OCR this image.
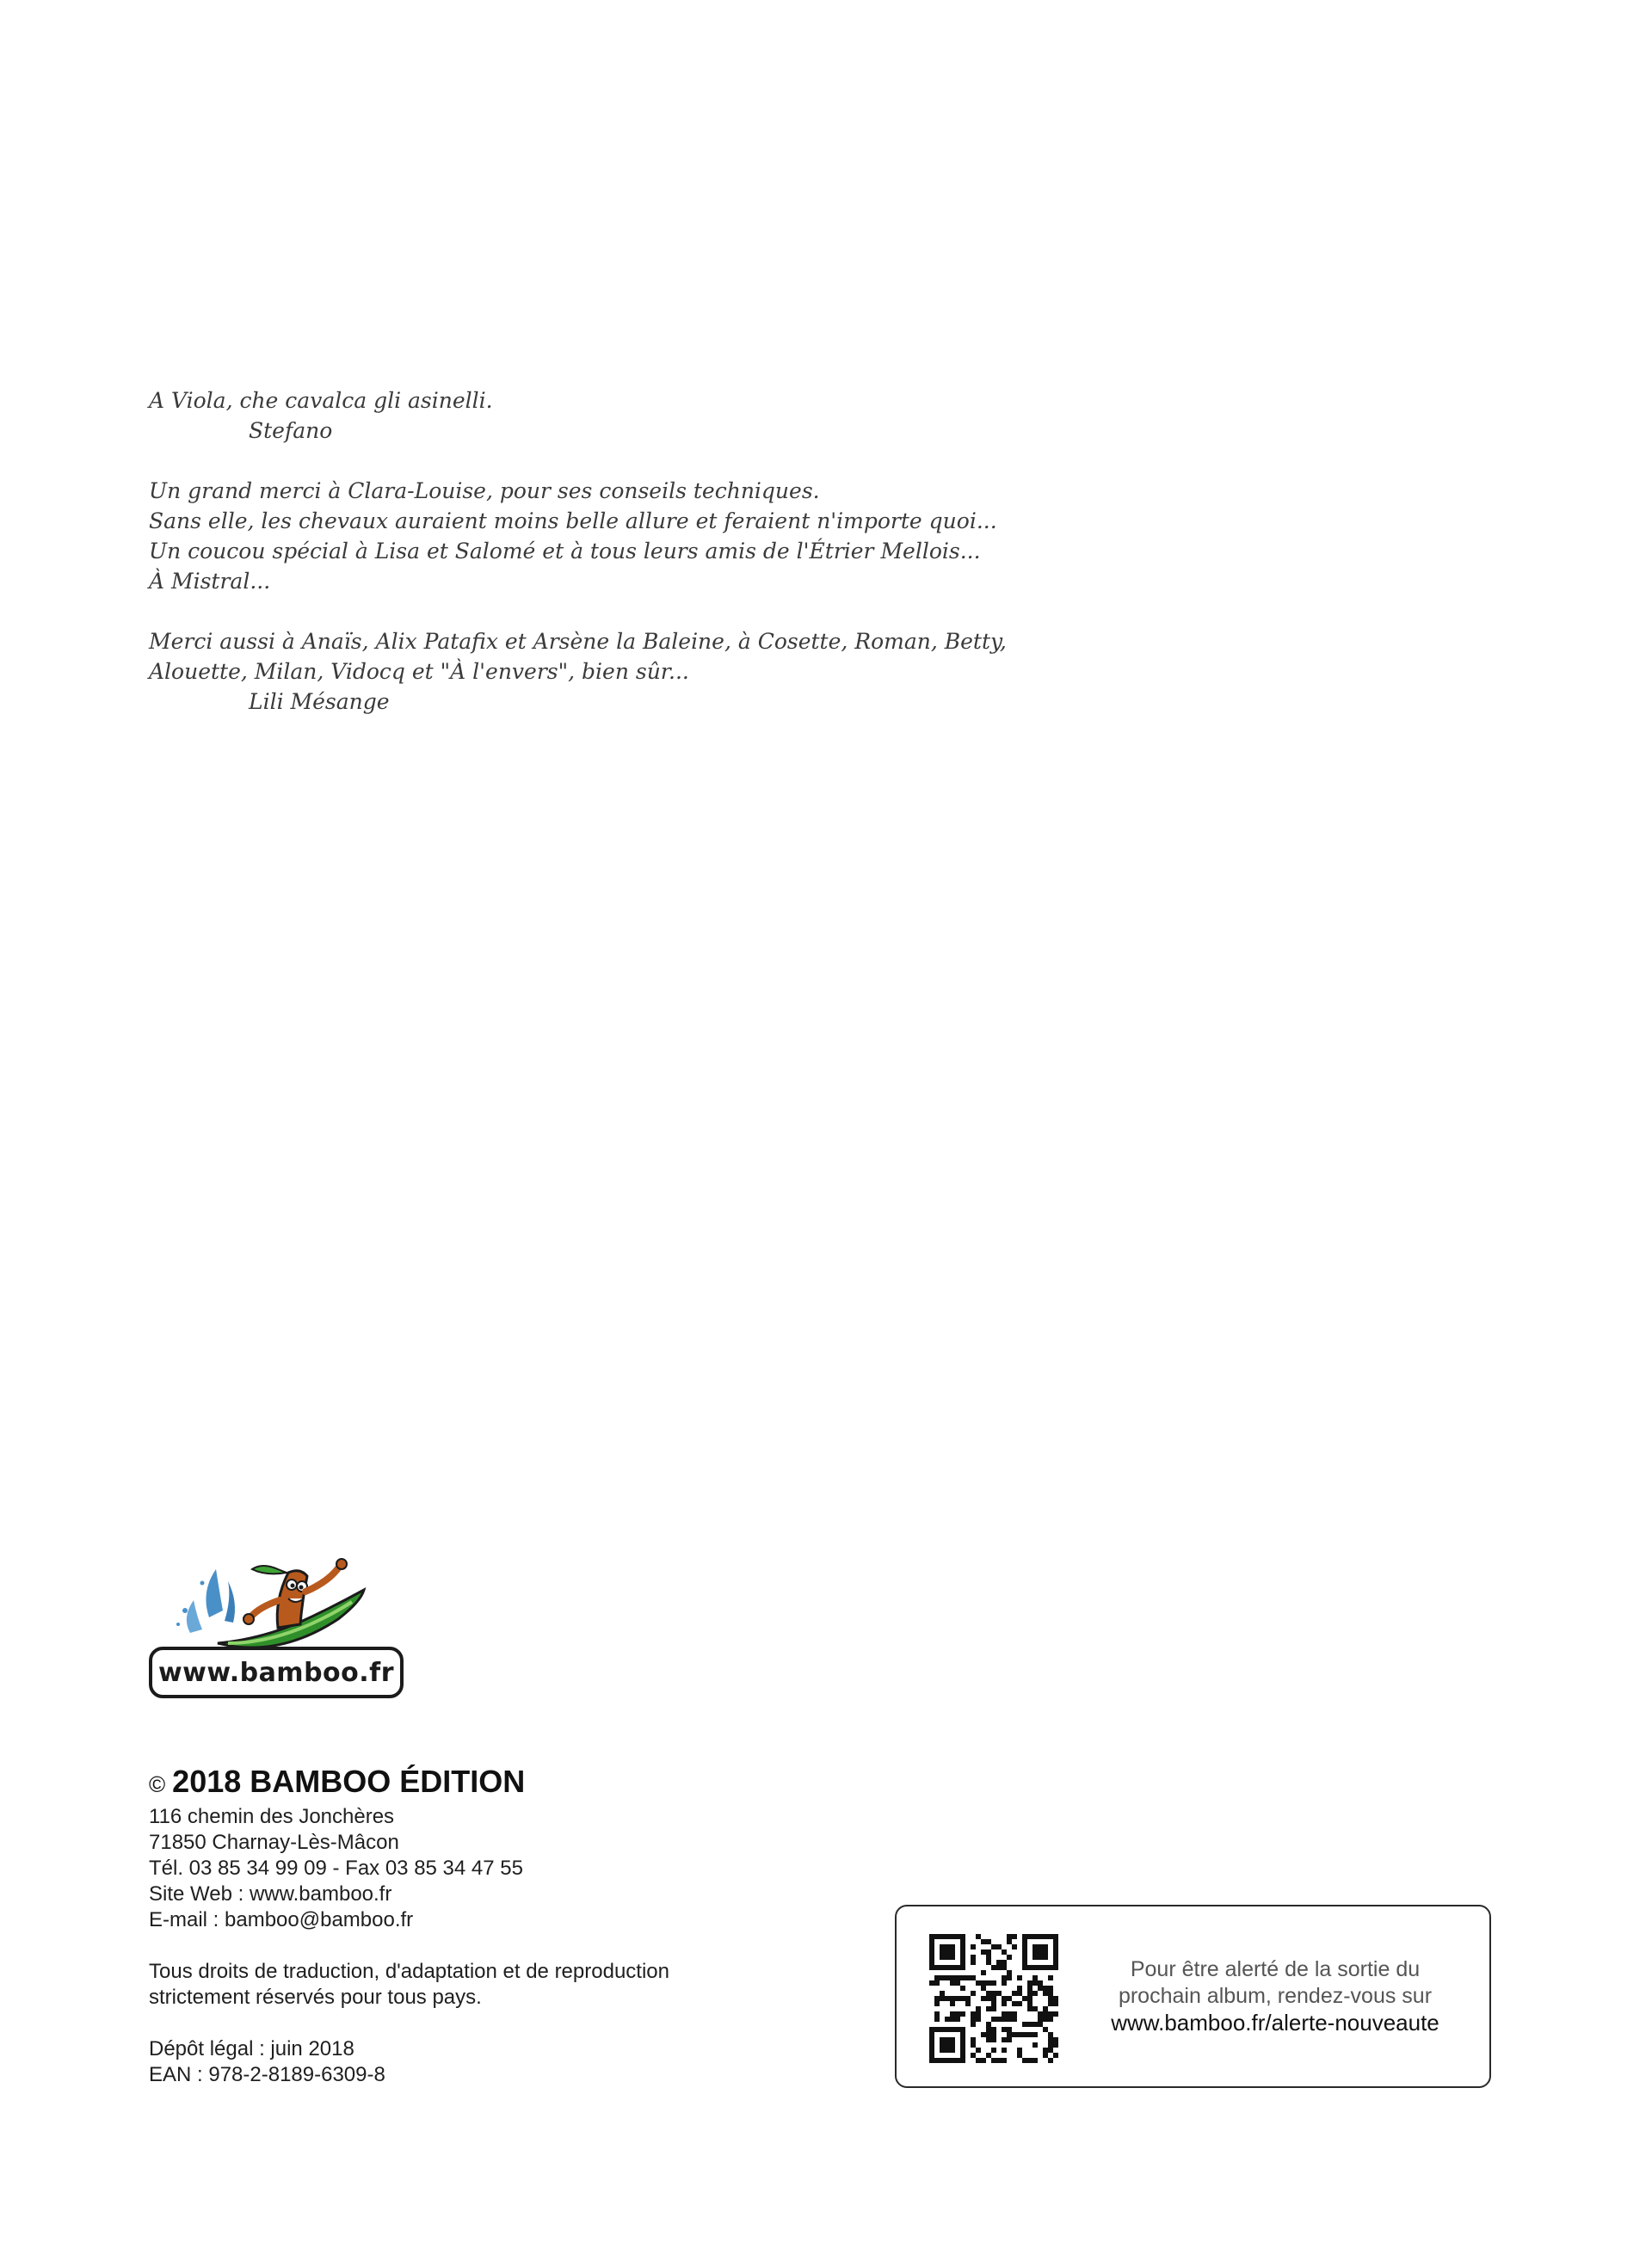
A Viola, che cavalca gli asinelli.
Stefano
Un grand merci à Clara-Louise, pour ses conseils techniques.
Sans elle, les chevaux auraient moins belle allure et feraient n'importe quoi...
Un coucou spécial à Lisa et Salomé et à tous leurs amis de l'Étrier Mellois...
À Mistral...
Merci aussi à Anaïs, Alix Patafix et Arsène la Baleine, à Cosette, Roman, Betty,
Alouette, Milan, Vidocq et "À l'envers", bien sûr...
Lili Mésange
www.bamboo.fr
© 2018 BAMBOO ÉDITION
116 chemin des Jonchères
71850 Charnay-Lès-Mâcon
Tél. 03 85 34 99 09 - Fax 03 85 34 47 55
Site Web : www.bamboo.fr
E-mail : bamboo@bamboo.fr
Tous droits de traduction, d'adaptation et de reproduction
strictement réservés pour tous pays.
Dépôt légal : juin 2018
EAN : 978-2-8189-6309-8
Pour être alerté de la sortie du
prochain album, rendez-vous sur
www.bamboo.fr/alerte-nouveaute
